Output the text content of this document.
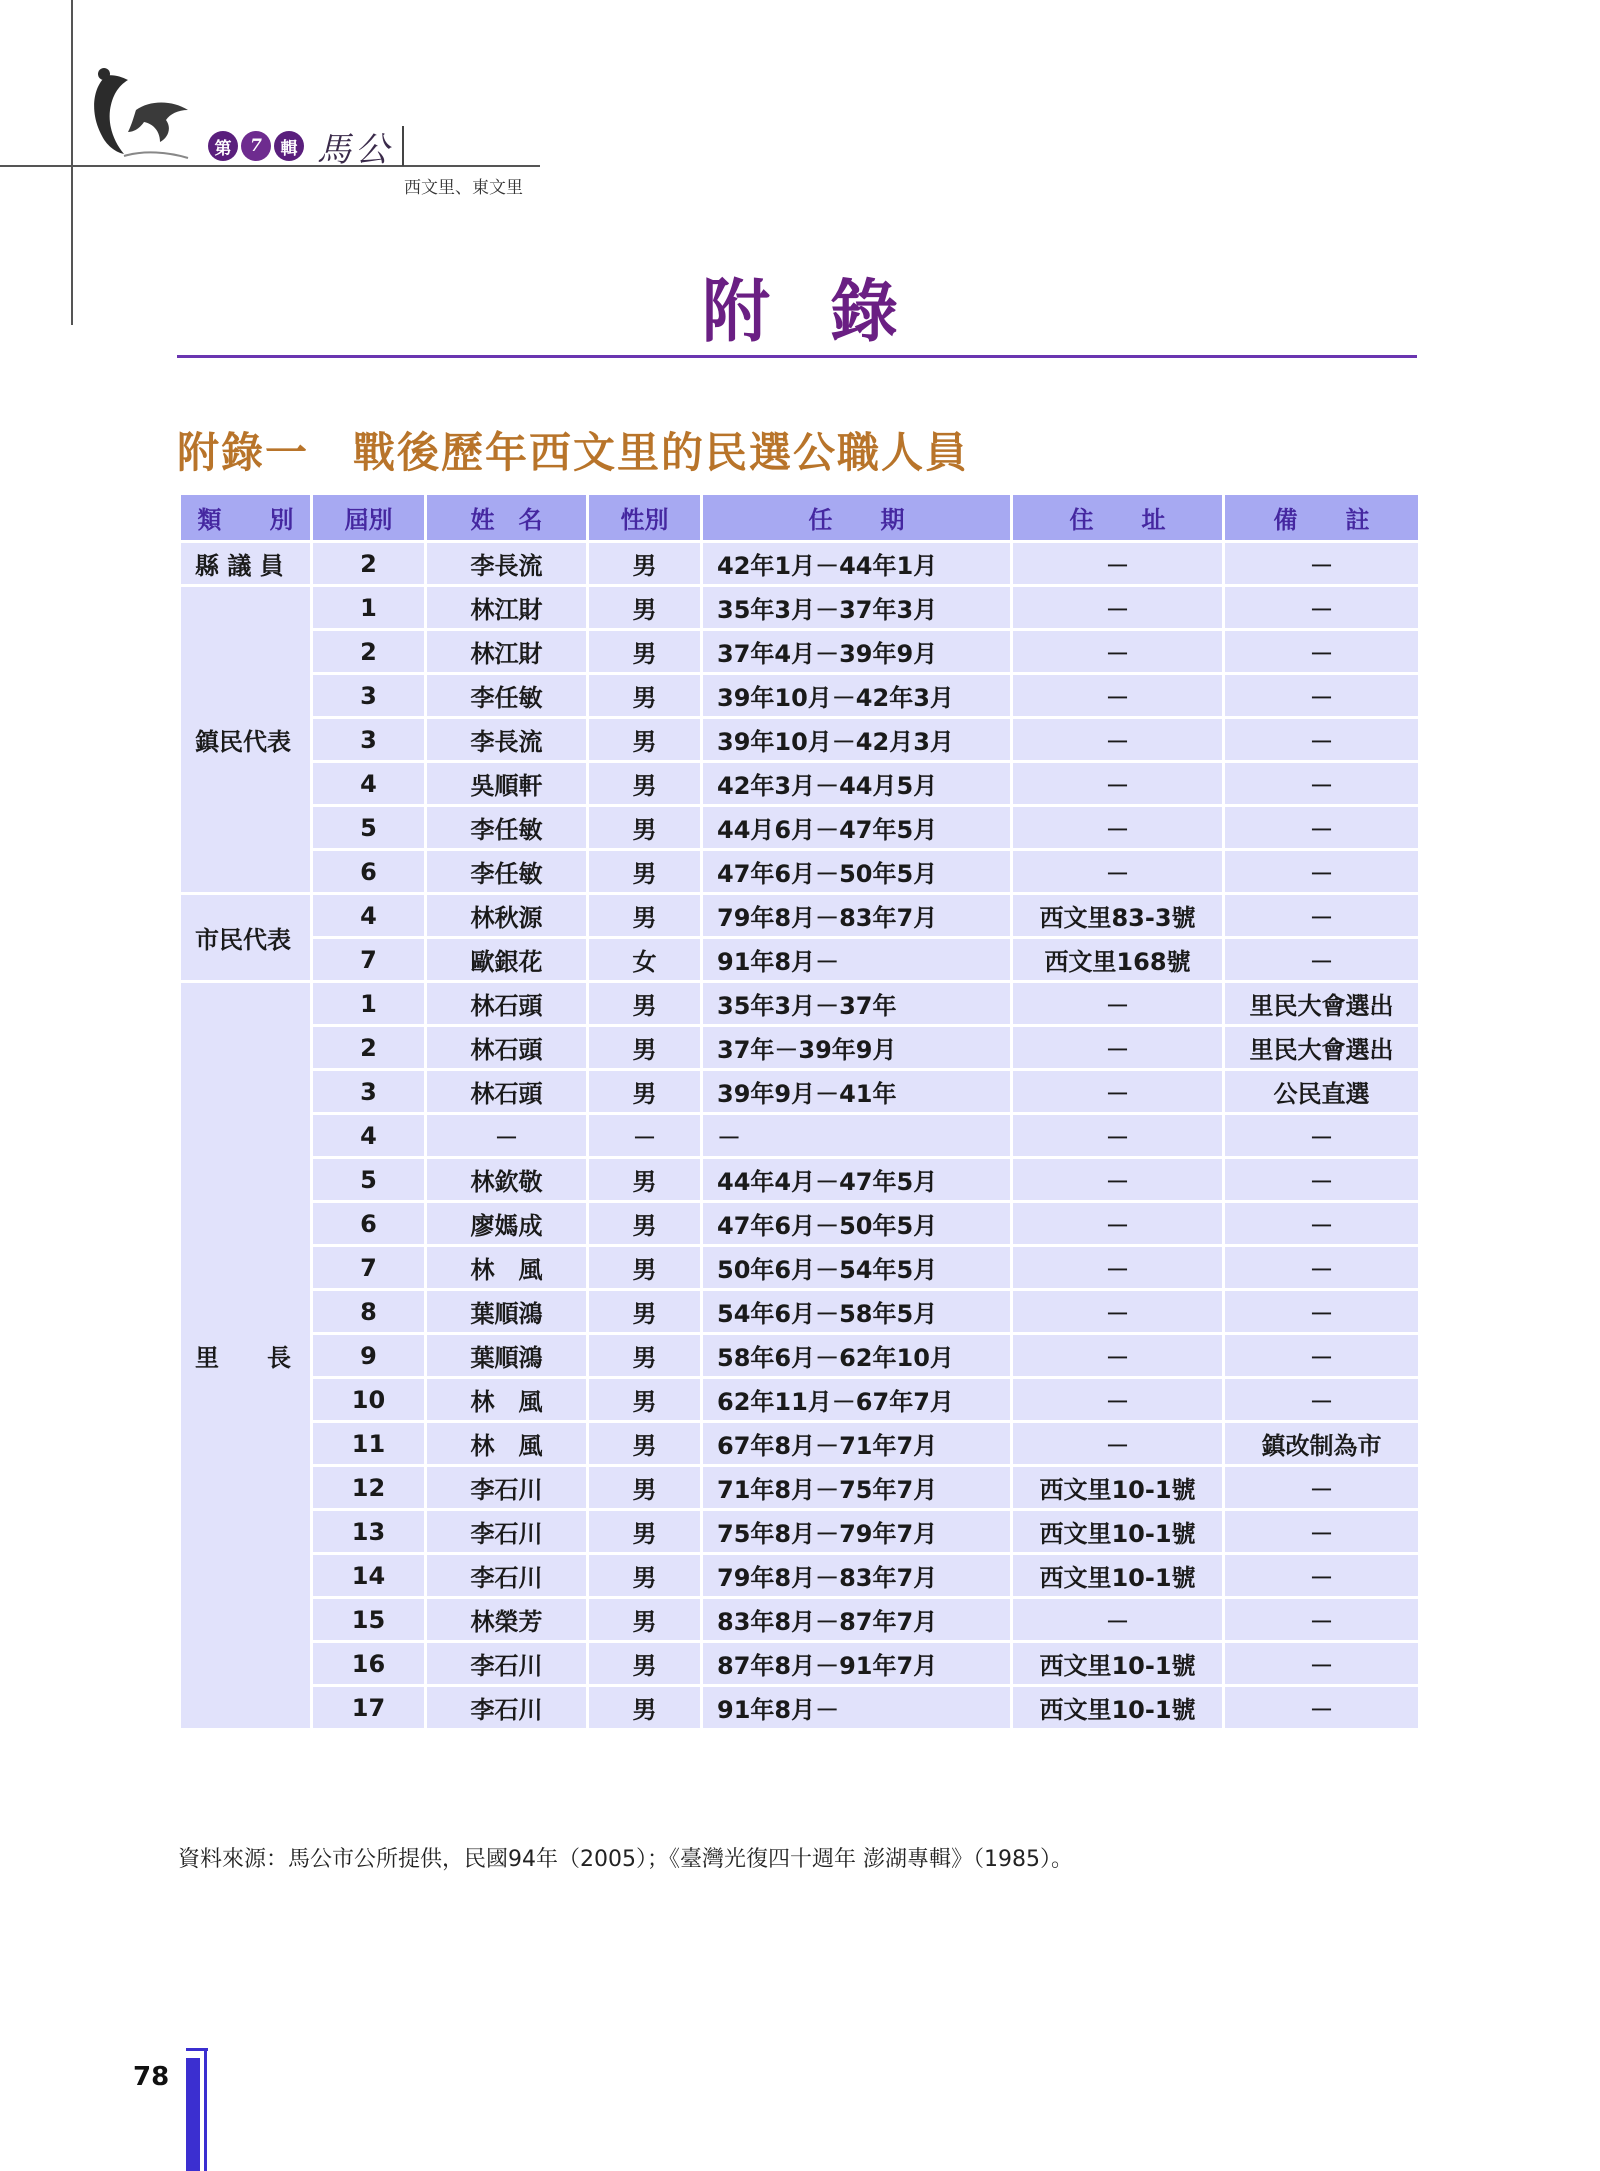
第	7	輯 馬公
西文里、東文里
附錄
附錄一　戰後歷年西文里的民選公職人員
類　　別	屆別	姓　名	性別	任　　期	住　　址	備　　註
縣 議 員	2	李長流	男	42年1月－44年1月	－	－
鎮民代表	1	林江財	男	35年3月－37年3月	－	－
	2	林江財	男	37年4月－39年9月	－	－
	3	李任敏	男	39年10月－42年3月	－	－
	3	李長流	男	39年10月－42月3月	－	－
	4	吳順軒	男	42年3月－44月5月	－	－
	5	李任敏	男	44月6月－47年5月	－	－
	6	李任敏	男	47年6月－50年5月	－	－
市民代表	4	林秋源	男	79年8月－83年7月	西文里83-3號	－
	7	歐銀花	女	91年8月－	西文里168號	－
里　　長	1	林石頭	男	35年3月－37年	－	里民大會選出
	2	林石頭	男	37年－39年9月	－	里民大會選出
	3	林石頭	男	39年9月－41年	－	公民直選
	4	－	－	－	－	－
	5	林欽敬	男	44年4月－47年5月	－	－
	6	廖媽成	男	47年6月－50年5月	－	－
	7	林　風	男	50年6月－54年5月	－	－
	8	葉順鴻	男	54年6月－58年5月	－	－
	9	葉順鴻	男	58年6月－62年10月	－	－
	10	林　風	男	62年11月－67年7月	－	－
	11	林　風	男	67年8月－71年7月	－	鎮改制為市
	12	李石川	男	71年8月－75年7月	西文里10-1號	－
	13	李石川	男	75年8月－79年7月	西文里10-1號	－
	14	李石川	男	79年8月－83年7月	西文里10-1號	－
	15	林榮芳	男	83年8月－87年7月	－	－
	16	李石川	男	87年8月－91年7月	西文里10-1號	－
	17	李石川	男	91年8月－	西文里10-1號	－
資料來源：馬公市公所提供，民國94年（2005）；《臺灣光復四十週年 澎湖專輯》（1985）。
78
